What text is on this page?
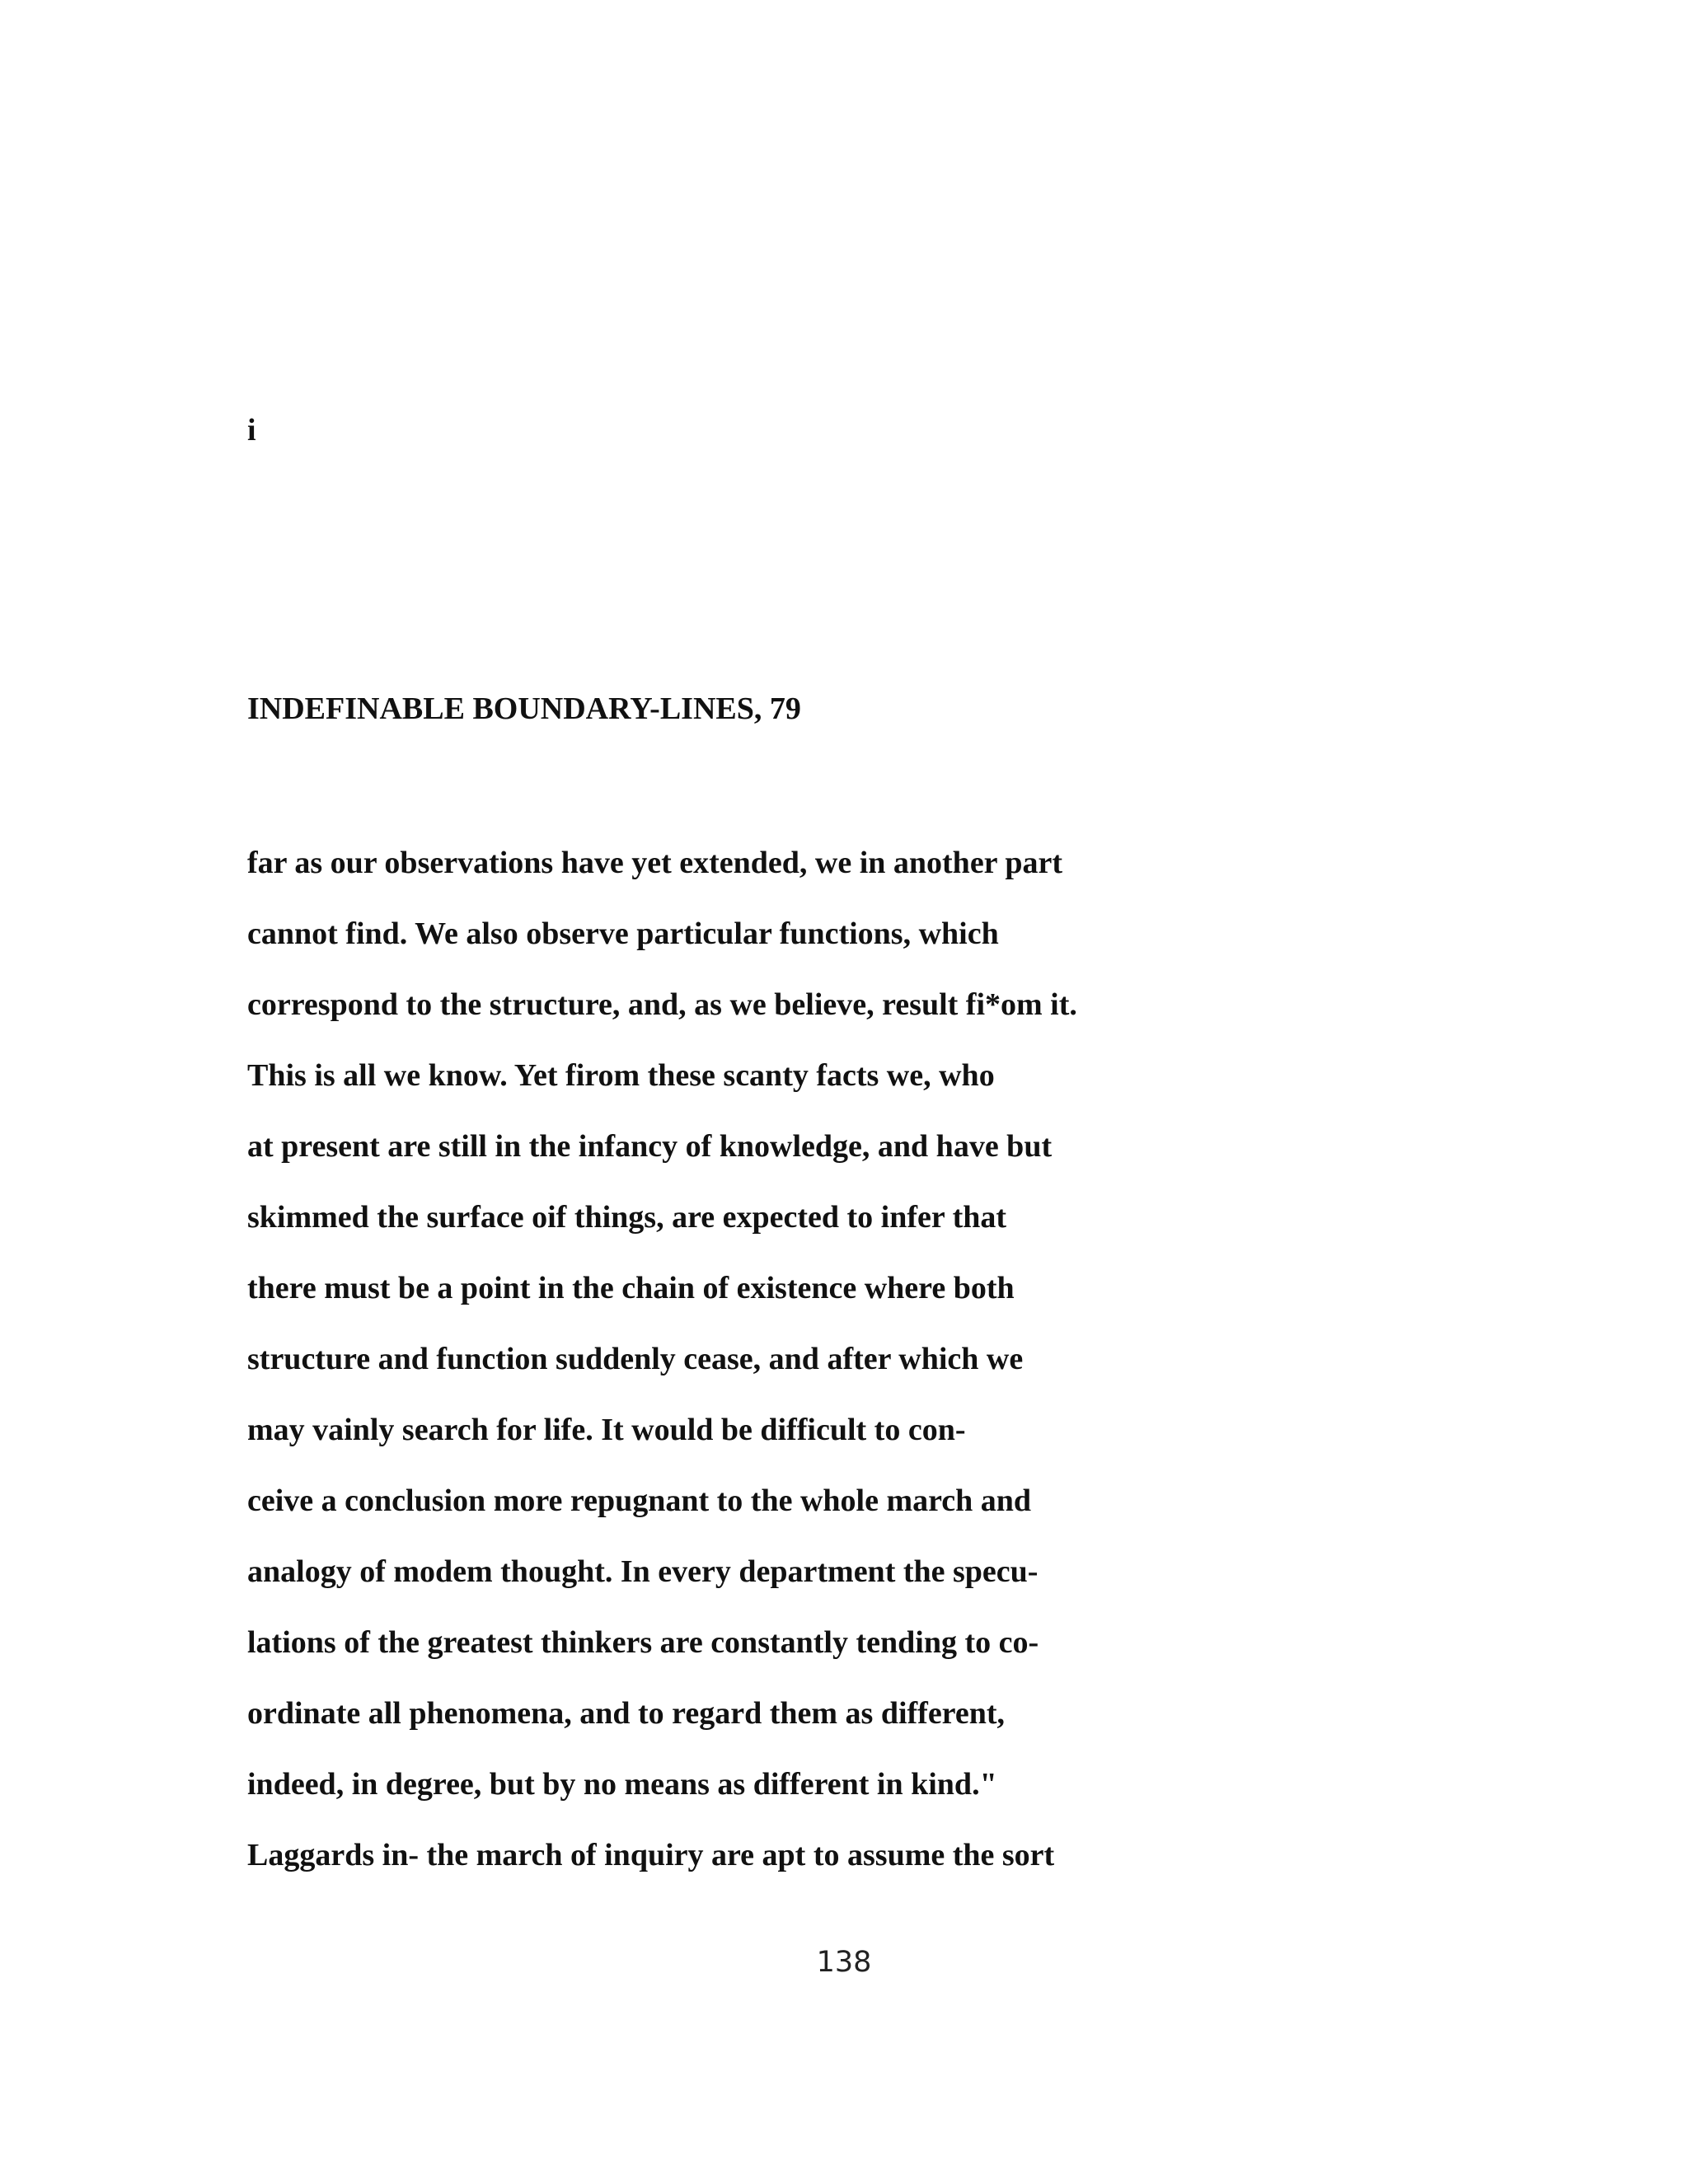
i
INDEFINABLE BOUNDARY-LINES, 79
far as our observations have yet extended, we in another part
cannot find. We also observe particular functions, which
correspond to the structure, and, as we believe, result fi*om it.
This is all we know. Yet firom these scanty facts we, who
at present are still in the infancy of knowledge, and have but
skimmed the surface oif things, are expected to infer that
there must be a point in the chain of existence where both
structure and function suddenly cease, and after which we
may vainly search for life. It would be difficult to con-
ceive a conclusion more repugnant to the whole march and
analogy of modem thought. In every department the specu-
lations of the greatest thinkers are constantly tending to co-
ordinate all phenomena, and to regard them as different,
indeed, in degree, but by no means as different in kind."
Laggards in- the march of inquiry are apt to assume the sort
138
